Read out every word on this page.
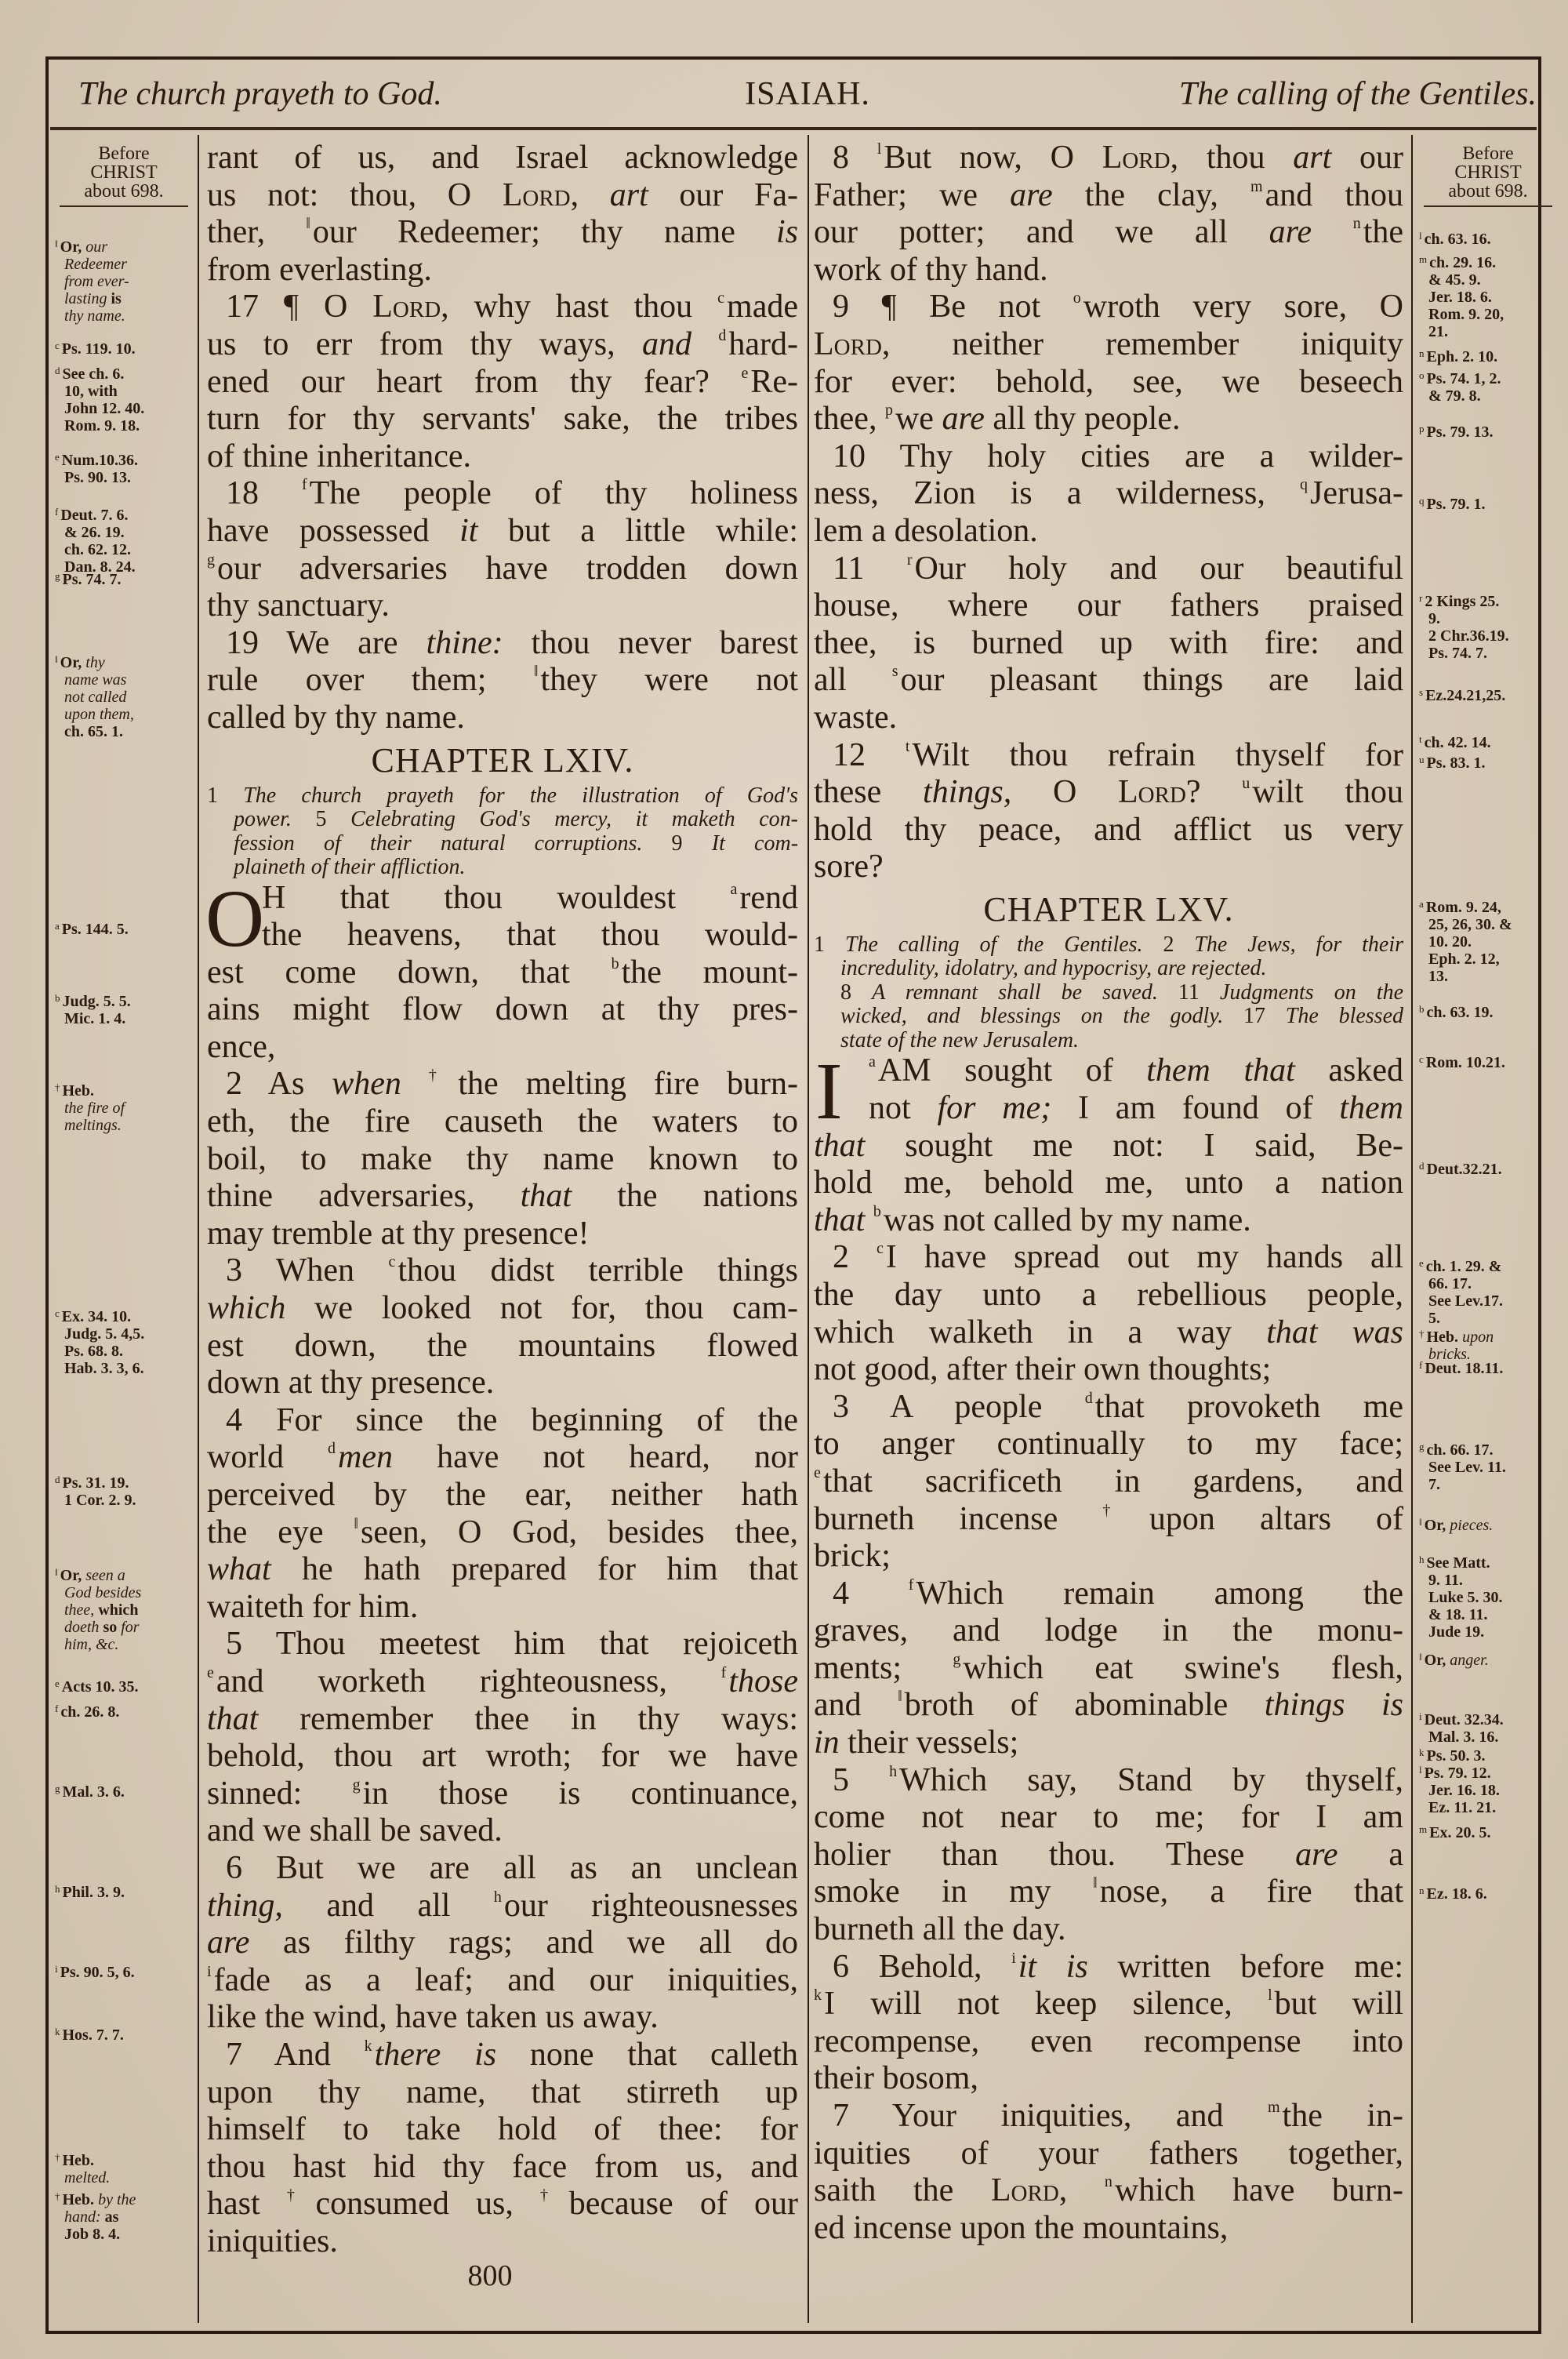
The church prayeth to God.	ISAIAH.	The calling of the Gentiles.
Before
CHRIST
about 698.
‖ Or, our
Redeemer
from ever-
lasting is
thy name.
$^c$ Ps. 119. 10.
$^d$ See ch. 6.
10, with
John 12. 40.
Rom. 9. 18.
$^e$ Num.10.36.
Ps. 90. 13.
$^f$ Deut. 7. 6.
& 26. 19.
ch. 62. 12.
Dan. 8. 24.
$^g$ Ps. 74. 7.
‖ Or, thy
name was
not called
upon them,
ch. 65. 1.
$^a$ Ps. 144. 5.
$^b$ Judg. 5. 5.
Mic. 1. 4.
† Heb.
the fire of
meltings.
$^c$ Ex. 34. 10.
Judg. 5. 4,5.
Ps. 68. 8.
Hab. 3. 3, 6.
$^d$ Ps. 31. 19.
1 Cor. 2. 9.
‖ Or, seen a
God besides
thee, which
doeth so for
him, &c.
$^e$ Acts 10. 35.
$^f$ ch. 26. 8.
$^g$ Mal. 3. 6.
$^h$ Phil. 3. 9.
$^i$ Ps. 90. 5, 6.
$^k$ Hos. 7. 7.
† Heb.
melted.
† Heb. by the
hand: as
Job 8. 4.
rant of us, and Israel acknowledge
us not: thou, O Lord, art our Fa-
ther, ‖our Redeemer; thy name is
from everlasting.
17 ¶ O Lord, why hast thou $^c$made
us to err from thy ways, and $^d$hard-
ened our heart from thy fear? $^e$Re-
turn for thy servants' sake, the tribes
of thine inheritance.
18 $^f$The people of thy holiness
have possessed it but a little while:
$^g$our adversaries have trodden down
thy sanctuary.
19 We are thine: thou never barest
rule over them; ‖they were not
called by thy name.
CHAPTER LXIV.
1 The church prayeth for the illustration of God's
power. 5 Celebrating God's mercy, it maketh con-
fession of their natural corruptions. 9 It com-
plaineth of their affliction.
O
H that thou wouldest $^a$rend
the heavens, that thou would-
est come down, that $^b$the mount-
ains might flow down at thy pres-
ence,
2 As when †the melting fire burn-
eth, the fire causeth the waters to
boil, to make thy name known to
thine adversaries, that the nations
may tremble at thy presence!
3 When $^c$thou didst terrible things
which we looked not for, thou cam-
est down, the mountains flowed
down at thy presence.
4 For since the beginning of the
world $^d$men have not heard, nor
perceived by the ear, neither hath
the eye ‖seen, O God, besides thee,
what he hath prepared for him that
waiteth for him.
5 Thou meetest him that rejoiceth
$^e$and worketh righteousness, $^f$those
that remember thee in thy ways:
behold, thou art wroth; for we have
sinned: $^g$in those is continuance,
and we shall be saved.
6 But we are all as an unclean
thing, and all $^h$our righteousnesses
are as filthy rags; and we all do
$^i$fade as a leaf; and our iniquities,
like the wind, have taken us away.
7 And $^k$there is none that calleth
upon thy name, that stirreth up
himself to take hold of thee: for
thou hast hid thy face from us, and
hast †consumed us, †because of our
iniquities.
8 $^l$But now, O Lord, thou art our
Father; we are the clay, $^m$and thou
our potter; and we all are	$^n$the
work of thy hand.
9 ¶ Be not $^o$wroth very sore, O
Lord, neither remember iniquity
for ever: behold, see, we beseech
thee, $^p$we are all thy people.
10 Thy holy cities are a wilder-
ness, Zion is a wilderness, $^q$Jerusa-
lem a desolation.
11 $^r$Our holy and our beautiful
house, where our fathers praised
thee, is burned up with fire: and
all $^s$our pleasant things are laid
waste.
12 $^t$Wilt thou refrain thyself for
these things, O Lord? $^u$wilt thou
hold thy peace, and afflict us very
sore?
CHAPTER LXV.
1 The calling of the Gentiles. 2 The Jews, for their
incredulity, idolatry, and hypocrisy, are rejected.
8 A remnant shall be saved. 11 Judgments on the
wicked, and blessings on the godly. 17 The blessed
state of the new Jerusalem.
I	$^a$AM sought of them that asked
not for me; I am found of them
that sought me not: I said, Be-
hold me, behold me, unto a nation
that $^b$was not called by my name.
2 $^c$I have spread out my hands all
the day unto a rebellious people,
which walketh in a way that was
not good, after their own thoughts;
3 A people $^d$that provoketh me
to anger continually to my face;
$^e$that sacrificeth in gardens, and
burneth incense †upon altars of
brick;
4 $^f$Which remain among the
graves, and lodge in the monu-
ments; $^g$which eat swine's flesh,
and ‖broth of abominable things is
in their vessels;
5 $^h$Which say, Stand by thyself,
come not near to me; for I am
holier than thou. These are a
smoke in my ‖nose, a fire that
burneth all the day.
6 Behold, $^i$it is written before me:
$^k$I will not keep silence, $^l$but will
recompense, even recompense into
their bosom,
7 Your iniquities, and $^m$the in-
iquities of your fathers together,
saith the Lord, $^n$which have burn-
ed incense upon the mountains,
Before
CHRIST
about 698.
$^l$ ch. 63. 16.
$^m$ ch. 29. 16.
& 45. 9.
Jer. 18. 6.
Rom. 9. 20,
21.
$^n$ Eph. 2. 10.
$^o$ Ps. 74. 1, 2.
& 79. 8.
$^p$ Ps. 79. 13.
$^q$ Ps. 79. 1.
$^r$ 2 Kings 25.
9.
2 Chr.36.19.
Ps. 74. 7.
$^s$ Ez.24.21,25.
$^t$ ch. 42. 14.
$^u$ Ps. 83. 1.
$^a$ Rom. 9. 24,
25, 26, 30. &
10. 20.
Eph. 2. 12,
13.
$^b$ ch. 63. 19.
$^c$ Rom. 10.21.
$^d$ Deut.32.21.
$^e$ ch. 1. 29. &
66. 17.
See Lev.17.
5.
† Heb. upon
bricks.
$^f$ Deut. 18.11.
$^g$ ch. 66. 17.
See Lev. 11.
7.
‖ Or, pieces.
$^h$ See Matt.
9. 11.
Luke 5. 30.
& 18. 11.
Jude 19.
‖ Or, anger.
$^i$ Deut. 32.34.
Mal. 3. 16.
$^k$ Ps. 50. 3.
$^l$ Ps. 79. 12.
Jer. 16. 18.
Ez. 11. 21.
$^m$ Ex. 20. 5.
$^n$ Ez. 18. 6.
800
